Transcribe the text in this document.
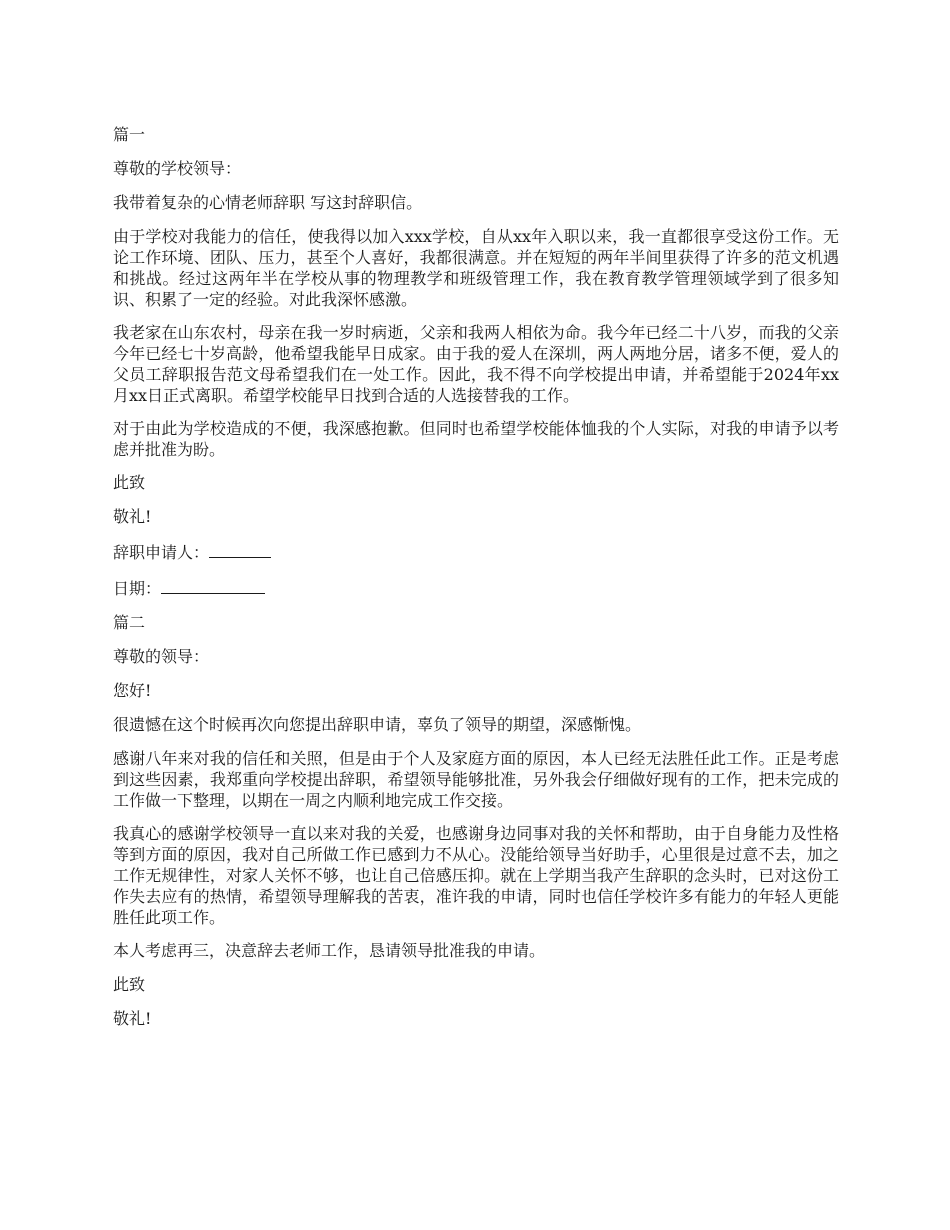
篇一

尊敬的学校领导：

我带着复杂的心情老师辞职 写这封辞职信。

由于学校对我能力的信任，使我得以加入xxx学校，自从xx年入职以来，我一直都很享受这份工作。无论工作环境、团队、压力，甚至个人喜好，我都很满意。并在短短的两年半间里获得了许多的范文机遇和挑战。经过这两年半在学校从事的物理教学和班级管理工作，我在教育教学管理领域学到了很多知识、积累了一定的经验。对此我深怀感激。

我老家在山东农村，母亲在我一岁时病逝，父亲和我两人相依为命。我今年已经二十八岁，而我的父亲今年已经七十岁高龄，他希望我能早日成家。由于我的爱人在深圳，两人两地分居，诸多不便，爱人的父员工辞职报告范文母希望我们在一处工作。因此，我不得不向学校提出申请，并希望能于2024年xx月xx日正式离职。希望学校能早日找到合适的人选接替我的工作。

对于由此为学校造成的不便，我深感抱歉。但同时也希望学校能体恤我的个人实际，对我的申请予以考虑并批准为盼。

此致

敬礼!

辞职申请人：

日期：

篇二

尊敬的领导：

您好!

很遗憾在这个时候再次向您提出辞职申请，辜负了领导的期望，深感惭愧。

感谢八年来对我的信任和关照，但是由于个人及家庭方面的原因，本人已经无法胜任此工作。正是考虑到这些因素，我郑重向学校提出辞职，希望领导能够批准，另外我会仔细做好现有的工作，把未完成的工作做一下整理，以期在一周之内顺利地完成工作交接。

我真心的感谢学校领导一直以来对我的关爱，也感谢身边同事对我的关怀和帮助，由于自身能力及性格等到方面的原因，我对自己所做工作已感到力不从心。没能给领导当好助手，心里很是过意不去，加之工作无规律性，对家人关怀不够，也让自己倍感压抑。就在上学期当我产生辞职的念头时，已对这份工作失去应有的热情，希望领导理解我的苦衷，准许我的申请，同时也信任学校许多有能力的年轻人更能胜任此项工作。

本人考虑再三，决意辞去老师工作，恳请领导批准我的申请。

此致

敬礼!
